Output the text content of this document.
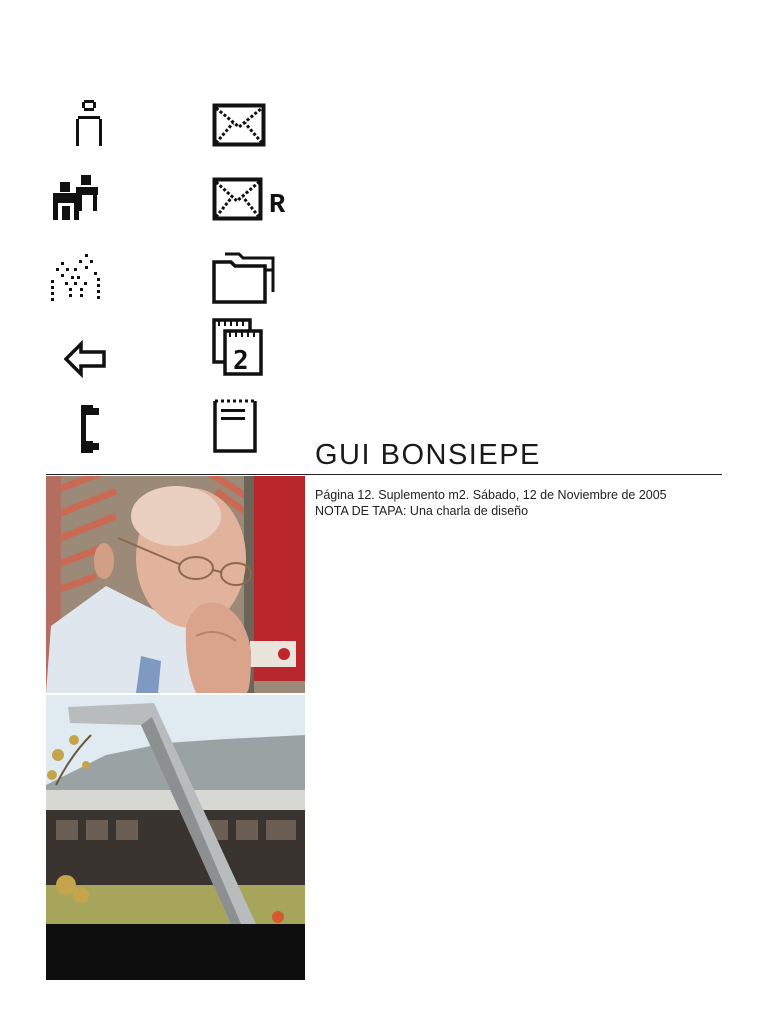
R
2
GUI BONSIEPE
Página 12. Suplemento m2. Sábado, 12 de Noviembre de 2005
NOTA DE TAPA: Una charla de diseño
